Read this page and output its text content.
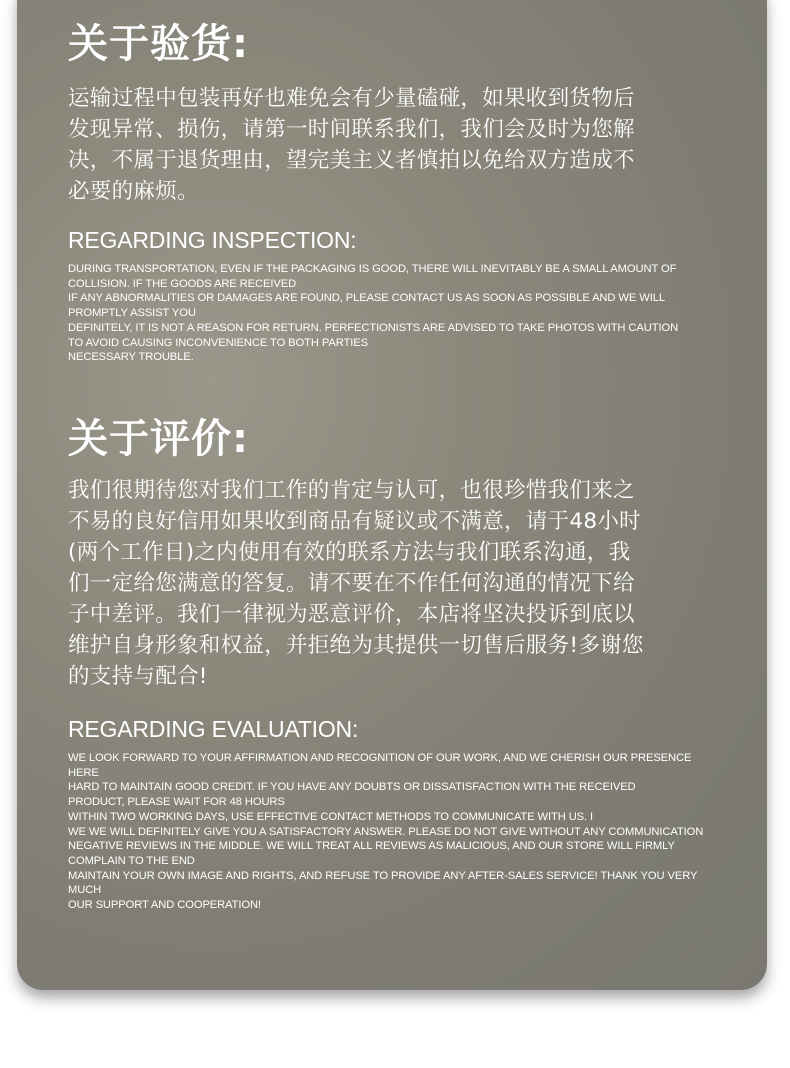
关于验货:

运输过程中包装再好也难免会有少量磕碰，如果收到货物后
发现异常、损伤，请第一时间联系我们，我们会及时为您解
决，不属于退货理由，望完美主义者慎拍以免给双方造成不
必要的麻烦。

REGARDING INSPECTION:

DURING TRANSPORTATION, EVEN IF THE PACKAGING IS GOOD, THERE WILL INEVITABLY BE A SMALL AMOUNT OF
COLLISION. IF THE GOODS ARE RECEIVED
IF ANY ABNORMALITIES OR DAMAGES ARE FOUND, PLEASE CONTACT US AS SOON AS POSSIBLE AND WE WILL
PROMPTLY ASSIST YOU
DEFINITELY, IT IS NOT A REASON FOR RETURN. PERFECTIONISTS ARE ADVISED TO TAKE PHOTOS WITH CAUTION
TO AVOID CAUSING INCONVENIENCE TO BOTH PARTIES
NECESSARY TROUBLE.

关于评价:

我们很期待您对我们工作的肯定与认可，也很珍惜我们来之
不易的良好信用如果收到商品有疑议或不满意，请于48小时
(两个工作日)之内使用有效的联系方法与我们联系沟通，我
们一定给您满意的答复。请不要在不作任何沟通的情况下给
子中差评。我们一律视为恶意评价，本店将坚决投诉到底以
维护自身形象和权益，并拒绝为其提供一切售后服务!多谢您
的支持与配合!

REGARDING EVALUATION:

WE LOOK FORWARD TO YOUR AFFIRMATION AND RECOGNITION OF OUR WORK, AND WE CHERISH OUR PRESENCE
HERE
HARD TO MAINTAIN GOOD CREDIT. IF YOU HAVE ANY DOUBTS OR DISSATISFACTION WITH THE RECEIVED
PRODUCT, PLEASE WAIT FOR 48 HOURS
WITHIN TWO WORKING DAYS, USE EFFECTIVE CONTACT METHODS TO COMMUNICATE WITH US. I
WE WE WILL DEFINITELY GIVE YOU A SATISFACTORY ANSWER. PLEASE DO NOT GIVE WITHOUT ANY COMMUNICATION
NEGATIVE REVIEWS IN THE MIDDLE. WE WILL TREAT ALL REVIEWS AS MALICIOUS, AND OUR STORE WILL FIRMLY
COMPLAIN TO THE END
MAINTAIN YOUR OWN IMAGE AND RIGHTS, AND REFUSE TO PROVIDE ANY AFTER-SALES SERVICE! THANK YOU VERY
MUCH
OUR SUPPORT AND COOPERATION!
